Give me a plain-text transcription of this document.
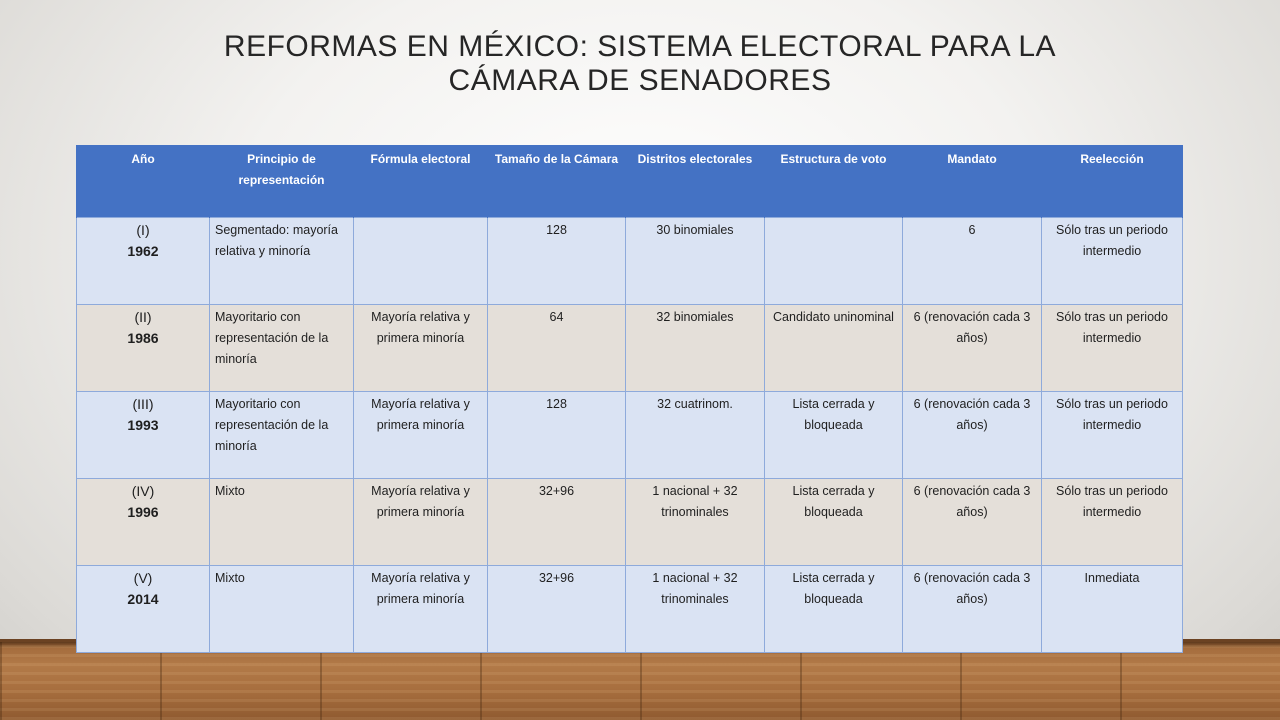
REFORMAS EN MÉXICO: SISTEMA ELECTORAL PARA LA
CÁMARA DE SENADORES
Año	Principio de representación	Fórmula electoral	Tamaño de la Cámara	Distritos electorales	Estructura de voto	Mandato	Reelección

(I)
1962	Segmentado: mayoría relativa y minoría		128	30 binomiales		6	Sólo tras un periodo intermedio

(II)
1986	Mayoritario con representación de la minoría	Mayoría relativa y primera minoría	64	32 binomiales	Candidato uninominal	6 (renovación cada 3 años)	Sólo tras un periodo intermedio

(III)
1993	Mayoritario con representación de la minoría	Mayoría relativa y primera minoría	128	32 cuatrinom.	Lista cerrada y bloqueada	6 (renovación cada 3 años)	Sólo tras un periodo intermedio

(IV)
1996	Mixto	Mayoría relativa y primera minoría	32+96	1 nacional + 32 trinominales	Lista cerrada y bloqueada	6 (renovación cada 3 años)	Sólo tras un periodo intermedio

(V)
2014	Mixto	Mayoría relativa y primera minoría	32+96	1 nacional + 32 trinominales	Lista cerrada y bloqueada	6 (renovación cada 3 años)	Inmediata
